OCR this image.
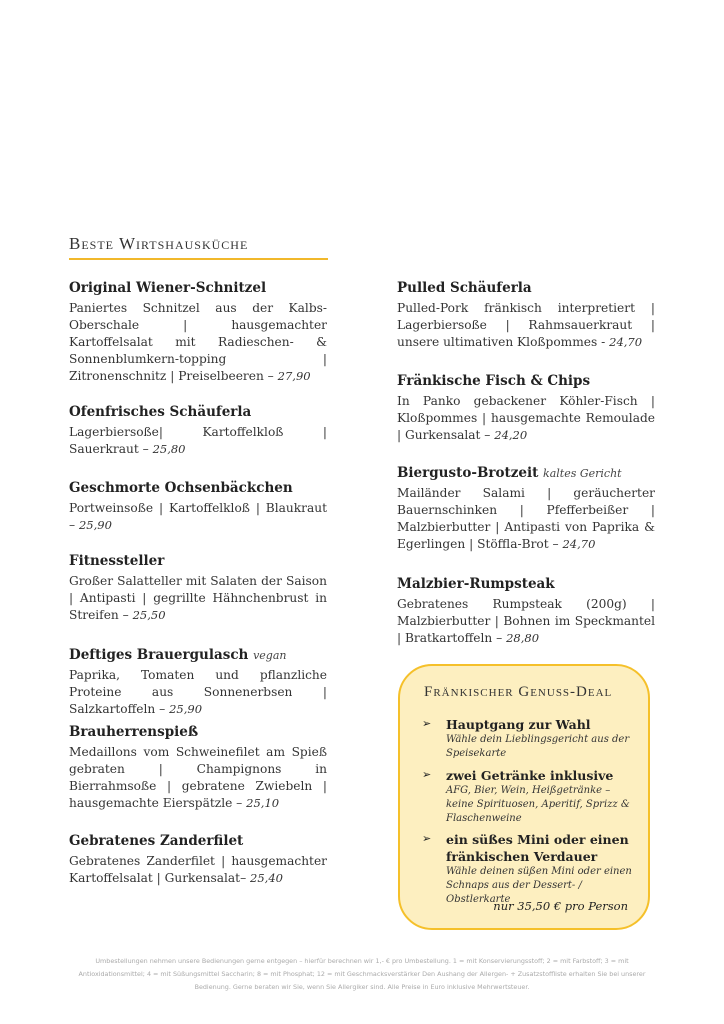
Beste Wirtshausküche
Original Wiener-Schnitzel
Paniertes Schnitzel aus der Kalbs-Oberschale | hausgemachter Kartoffelsalat mit Radieschen- & Sonnenblumkern-topping | Zitronenschnitz | Preiselbeeren – 27,90
Ofenfrisches Schäuferla
Lagerbiersoße| Kartoffelkloß | Sauerkraut – 25,80
Geschmorte Ochsenbäckchen
Portweinsoße | Kartoffelkloß | Blaukraut – 25,90
Fitnessteller
Großer Salatteller mit Salaten der Saison | Antipasti | gegrillte Hähnchenbrust in Streifen – 25,50
Deftiges Brauergulasch vegan
Paprika, Tomaten und pflanzliche Proteine aus Sonnenerbsen | Salzkartoffeln – 25,90
Brauherrenspieß
Medaillons vom Schweinefilet am Spieß gebraten | Champignons in Bierrahmsoße | gebratene Zwiebeln | hausgemachte Eierspätzle – 25,10
Gebratenes Zanderfilet
Gebratenes Zanderfilet | hausgemachter Kartoffelsalat | Gurkensalat– 25,40
Pulled Schäuferla
Pulled-Pork fränkisch interpretiert | Lagerbiersoße | Rahmsauerkraut | unsere ultimativen Kloßpommes - 24,70
Fränkische Fisch & Chips
In Panko gebackener Köhler-Fisch | Kloßpommes | hausgemachte Remoulade | Gurkensalat – 24,20
Biergusto-Brotzeit kaltes Gericht
Mailänder Salami | geräucherter Bauernschinken | Pfefferbeißer | Malzbierbutter | Antipasti von Paprika & Egerlingen | Stöffla-Brot – 24,70
Malzbier-Rumpsteak
Gebratenes Rumpsteak (200g) | Malzbierbutter | Bohnen im Speckmantel | Bratkartoffeln – 28,80
Fränkischer Genuss-Deal
➢ Hauptgang zur Wahl
Wähle dein Lieblingsgericht aus der Speisekarte
➢ zwei Getränke inklusive
AFG, Bier, Wein, Heißgetränke – keine Spirituosen, Aperitif, Sprizz & Flaschenweine
➢ ein süßes Mini oder einen fränkischen Verdauer
Wähle deinen süßen Mini oder einen Schnaps aus der Dessert- / Obstlerkarte
nur 35,50 € pro Person
Umbestellungen nehmen unsere Bedienungen gerne entgegen – hierfür berechnen wir 1,- € pro Umbestellung. 1 = mit Konservierungsstoff; 2 = mit Farbstoff; 3 = mit Antioxidationsmittel; 4 = mit Süßungsmittel Saccharin; 8 = mit Phosphat; 12 = mit Geschmacksverstärker Den Aushang der Allergen- + Zusatzstoffliste erhalten Sie bei unserer Bedienung. Gerne beraten wir Sie, wenn Sie Allergiker sind. Alle Preise in Euro inklusive Mehrwertsteuer.
